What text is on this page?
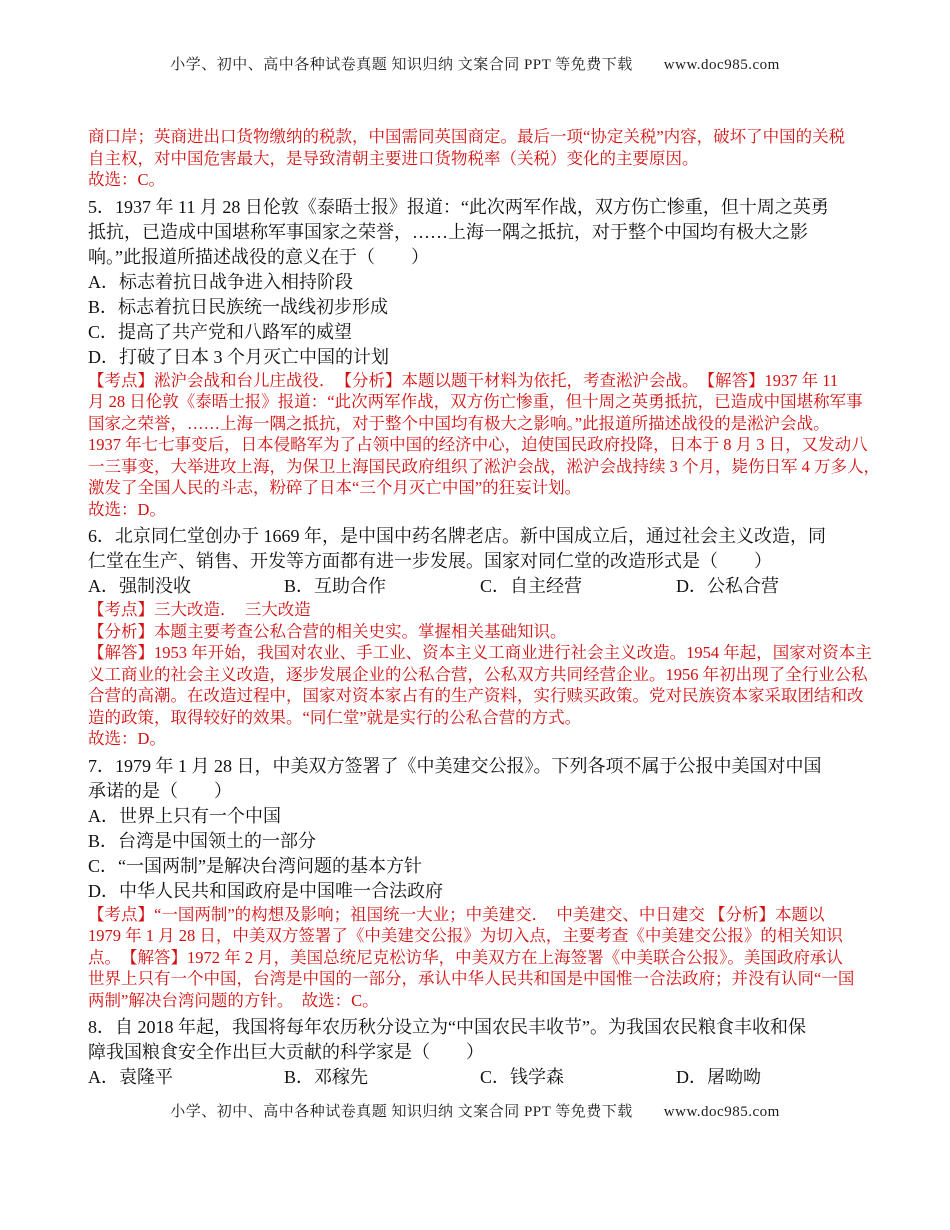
小学、初中、高中各种试卷真题 知识归纳 文案合同 PPT 等免费下载　　www.doc985.com
商口岸；英商进出口货物缴纳的税款，中国需同英国商定。最后一项“协定关税”内容，破坏了中国的关税
自主权，对中国危害最大，是导致清朝主要进口货物税率（关税）变化的主要原因。
故选：C。
5．1937 年 11 月 28 日伦敦《泰晤士报》报道：“此次两军作战，双方伤亡惨重，但十周之英勇
抵抗，已造成中国堪称军事国家之荣誉，……上海一隅之抵抗，对于整个中国均有极大之影
响。”此报道所描述战役的意义在于（　　）
A．标志着抗日战争进入相持阶段
B．标志着抗日民族统一战线初步形成
C．提高了共产党和八路军的威望
D．打破了日本 3 个月灭亡中国的计划
【考点】淞沪会战和台儿庄战役．　【分析】本题以题干材料为依托，考查淞沪会战。　【解答】1937 年 11
月 28 日伦敦《泰晤士报》报道：“此次两军作战，双方伤亡惨重，但十周之英勇抵抗，已造成中国堪称军事
国家之荣誉，……上海一隅之抵抗，对于整个中国均有极大之影响。”此报道所描述战役的是淞沪会战。
1937 年七七事变后，日本侵略军为了占领中国的经济中心，迫使国民政府投降，日本于 8 月 3 日，又发动八
一三事变，大举进攻上海，为保卫上海国民政府组织了淞沪会战，淞沪会战持续 3 个月，毙伤日军 4 万多人，
激发了全国人民的斗志，粉碎了日本“三个月灭亡中国”的狂妄计划。
故选：D。
6．北京同仁堂创办于 1669 年，是中国中药名牌老店。新中国成立后，通过社会主义改造，同
仁堂在生产、销售、开发等方面都有进一步发展。国家对同仁堂的改造形式是（　　）
A．强制没收	B．互助合作	C．自主经营	D．公私合营
【考点】三大改造．　三大改造
【分析】本题主要考查公私合营的相关史实。掌握相关基础知识。
【解答】1953 年开始，我国对农业、手工业、资本主义工商业进行社会主义改造。1954 年起，国家对资本主
义工商业的社会主义改造，逐步发展企业的公私合营，公私双方共同经营企业。1956 年初出现了全行业公私
合营的高潮。在改造过程中，国家对资本家占有的生产资料，实行赎买政策。党对民族资本家采取团结和改
造的政策，取得较好的效果。“同仁堂”就是实行的公私合营的方式。
故选：D。
7．1979 年 1 月 28 日，中美双方签署了《中美建交公报》。下列各项不属于公报中美国对中国
承诺的是（　　）
A．世界上只有一个中国
B．台湾是中国领土的一部分
C．“一国两制”是解决台湾问题的基本方针
D．中华人民共和国政府是中国唯一合法政府
【考点】“一国两制”的构想及影响；祖国统一大业；中美建交．　中美建交、中日建交 【分析】本题以
1979 年 1 月 28 日，中美双方签署了《中美建交公报》为切入点，主要考查《中美建交公报》的相关知识
点。　【解答】1972 年 2 月，美国总统尼克松访华，中美双方在上海签署《中美联合公报》。美国政府承认
世界上只有一个中国，台湾是中国的一部分，承认中华人民共和国是中国惟一合法政府；并没有认同“一国
两制”解决台湾问题的方针。　故选：C。
8．自 2018 年起，我国将每年农历秋分设立为“中国农民丰收节”。为我国农民粮食丰收和保
障我国粮食安全作出巨大贡献的科学家是（　　）
A．袁隆平	B．邓稼先	C．钱学森	D．屠呦呦
小学、初中、高中各种试卷真题 知识归纳 文案合同 PPT 等免费下载　　www.doc985.com
